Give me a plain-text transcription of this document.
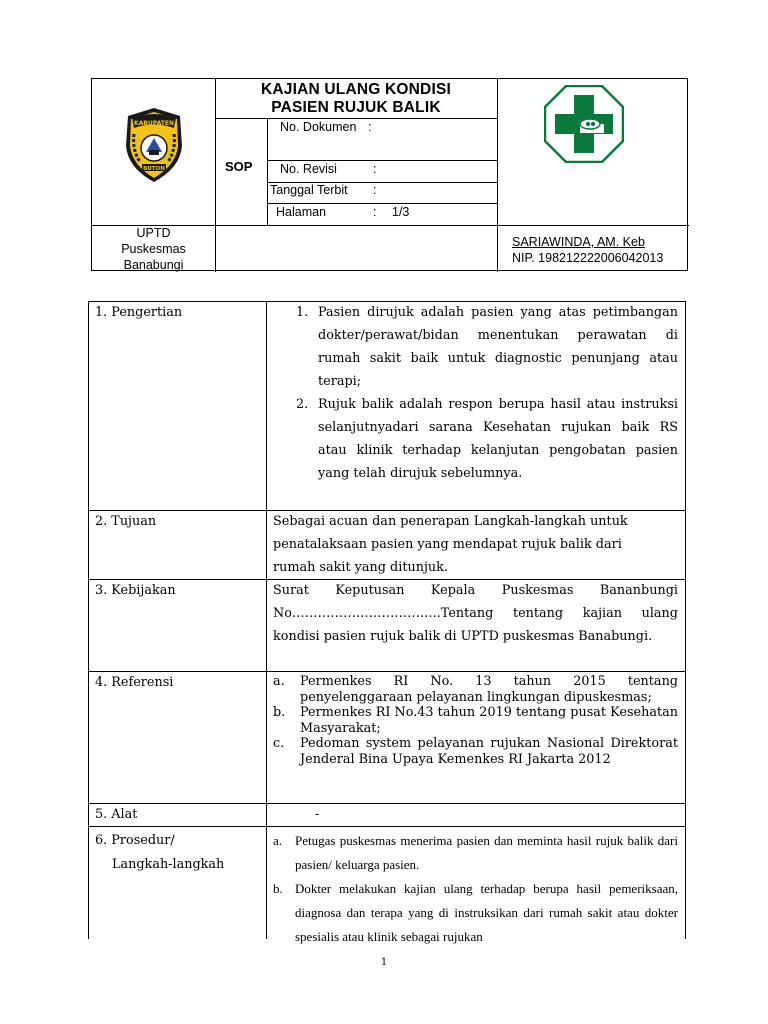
KABUPATEN
BUTON
KAJIAN ULANG KONDISI
PASIEN RUJUK BALIK
SOP
No. Dokumen :
No. Revisi	:
Tanggal Terbit :
Halaman	: 1/3
UPTD
Puskesmas
Banabungi
SARIAWINDA, AM. Keb
NIP. 198212222006042013
1. Pengertian	1. Pasien dirujuk adalah pasien yang atas petimbangan dokter/perawat/bidan menentukan perawatan di rumah sakit baik untuk diagnostic penunjang atau terapi;
2. Rujuk balik adalah respon berupa hasil atau instruksi selanjutnyadari sarana Kesehatan rujukan baik RS atau klinik terhadap kelanjutan pengobatan pasien yang telah dirujuk sebelumnya.
2. Tujuan	Sebagai acuan dan penerapan Langkah-langkah untuk penatalaksaan pasien yang mendapat rujuk balik dari rumah sakit yang ditunjuk.
3. Kebijakan	Surat Keputusan Kepala Puskesmas Bananbungi No……………………………..Tentang tentang kajian ulang kondisi pasien rujuk balik di UPTD puskesmas Banabungi.
4. Referensi	a. Permenkes RI No. 13 tahun 2015 tentang penyelenggaraan pelayanan lingkungan dipuskesmas;
b. Permenkes RI No.43 tahun 2019 tentang pusat Kesehatan Masyarakat;
c. Pedoman system pelayanan rujukan Nasional Direktorat Jenderal Bina Upaya Kemenkes RI Jakarta 2012
5. Alat	-
6. Prosedur/
Langkah-langkah
a. Petugas puskesmas menerima pasien dan meminta hasil rujuk balik dari pasien/ keluarga pasien.
b. Dokter melakukan kajian ulang terhadap berupa hasil pemeriksaan, diagnosa dan terapa yang di instruksikan dari rumah sakit atau dokter spesialis atau klinik sebagai rujukan
1
